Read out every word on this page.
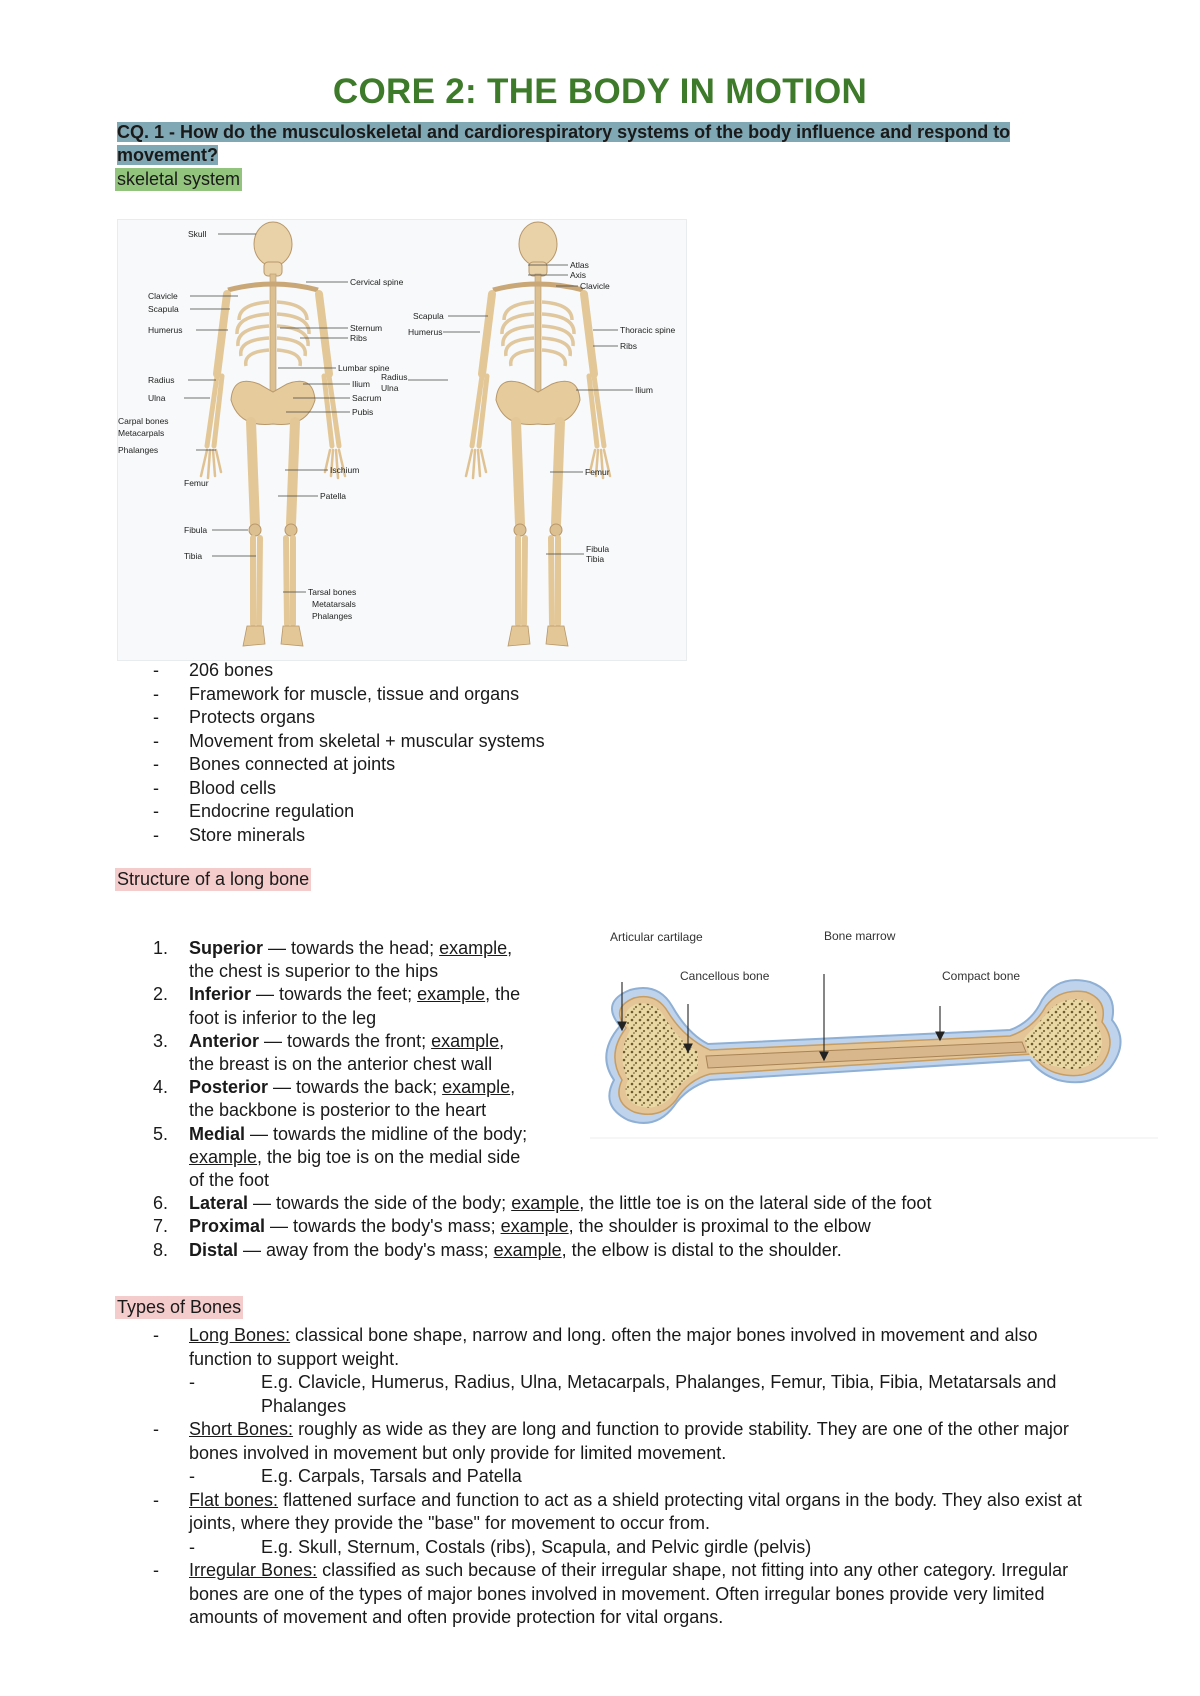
CORE 2: THE BODY IN MOTION
CQ. 1 - How do the musculoskeletal and cardiorespiratory systems of the body influence and respond to movement?
skeletal system
Skull
Cervical spine
Clavicle
Scapula
Humerus	Sternum
Ribs
Lumbar spine
Radius	Ilium
Ulna	Sacrum
Carpal bones
Pubis
Metacarpals
Phalanges
Femur
Ischium
Patella
Fibula
Tibia
Tarsal bones
Metatarsals
Phalanges
Atlas
Axis
Clavicle
Scapula
Humerus	Thoracic spine
Ribs
Radius
Ulna	Ilium
Femur
Fibula
Tibia
- 206 bones
- Framework for muscle, tissue and organs
- Protects organs
- Movement from skeletal + muscular systems
- Bones connected at joints
- Blood cells
- Endocrine regulation
- Store minerals
Structure of a long bone
Articular cartilage	Bone marrow
Cancellous bone	Compact bone
1. Superior — towards the head; example,
the chest is superior to the hips
2. Inferior — towards the feet; example, the
foot is inferior to the leg
3. Anterior — towards the front; example,
the breast is on the anterior chest wall
4. Posterior — towards the back; example,
the backbone is posterior to the heart
5. Medial — towards the midline of the body;
example, the big toe is on the medial side
of the foot
6. Lateral — towards the side of the body; example, the little toe is on the lateral side of the foot
7. Proximal — towards the body's mass; example, the shoulder is proximal to the elbow
8. Distal — away from the body's mass; example, the elbow is distal to the shoulder.
Types of Bones
- Long Bones: classical bone shape, narrow and long. often the major bones involved in movement and also function to support weight.
-	E.g. Clavicle, Humerus, Radius, Ulna, Metacarpals, Phalanges, Femur, Tibia, Fibia, Metatarsals and Phalanges
- Short Bones: roughly as wide as they are long and function to provide stability. They are one of the other major bones involved in movement but only provide for limited movement.
-	E.g. Carpals, Tarsals and Patella
- Flat bones: flattened surface and function to act as a shield protecting vital organs in the body. They also exist at joints, where they provide the "base" for movement to occur from.
-	E.g. Skull, Sternum, Costals (ribs), Scapula, and Pelvic girdle (pelvis)
- Irregular Bones: classified as such because of their irregular shape, not fitting into any other category. Irregular bones are one of the types of major bones involved in movement. Often irregular bones provide very limited amounts of movement and often provide protection for vital organs.
